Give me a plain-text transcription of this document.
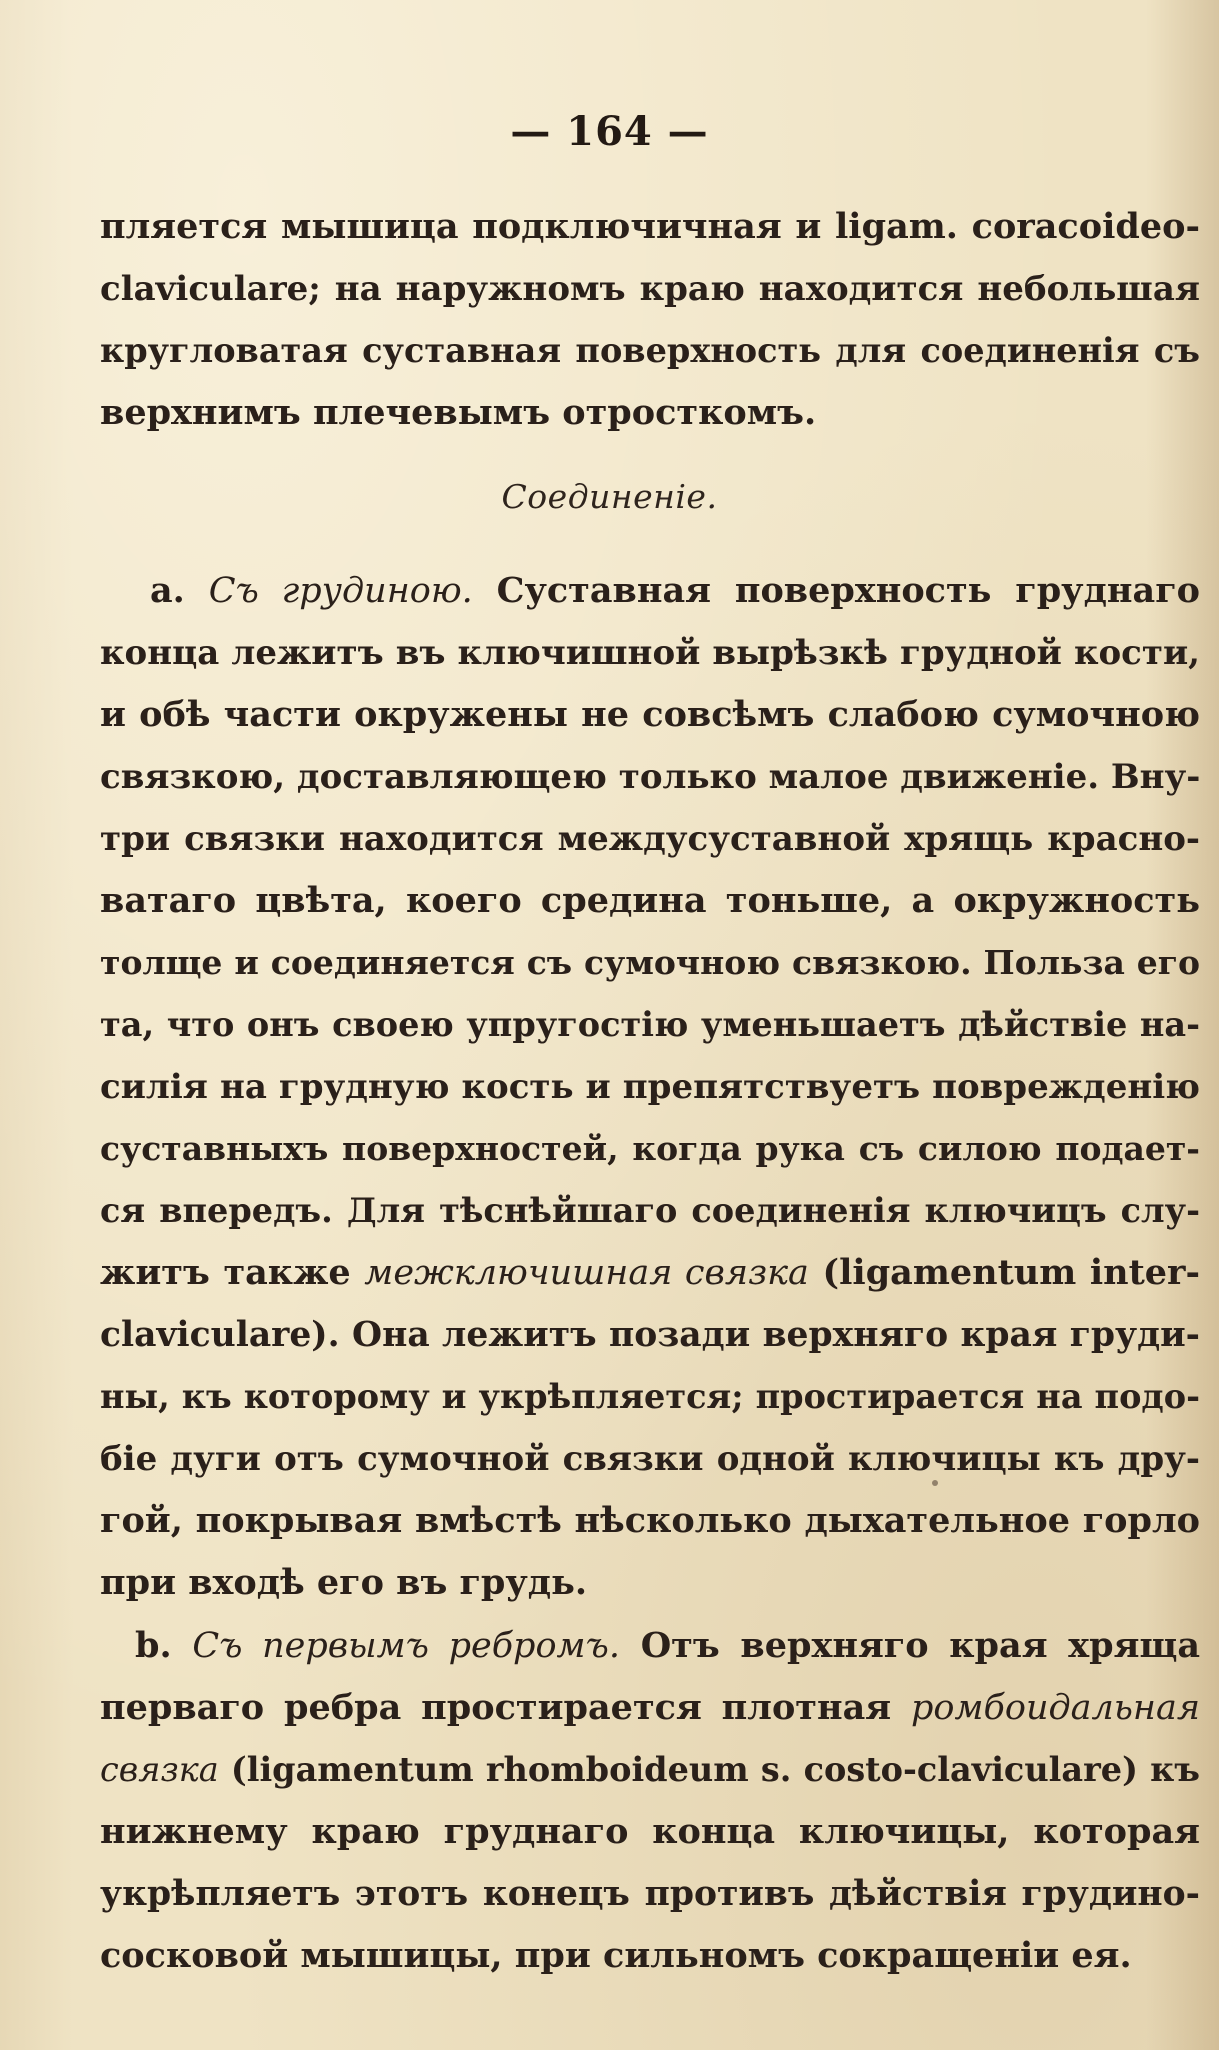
— 164 —
пляется мышица подключичная и ligam. coracoideo-
claviculare; на наружномъ краю находится небольшая
кругловатая суставная поверхность для соединенія съ
верхнимъ плечевымъ отросткомъ.
Соединеніе.
а. Съ грудиною. Суставная поверхность груднаго
конца лежитъ въ ключишной вырѣзкѣ грудной кости,
и обѣ части окружены не совсѣмъ слабою сумочною
связкою, доставляющею только малое движеніе. Вну-
три связки находится междусуставной хрящь красно-
ватаго цвѣта, коего средина тоньше, а окружность
толще и соединяется съ сумочною связкою. Польза его
та, что онъ своею упругостію уменьшаетъ дѣйствіе на-
силія на грудную кость и препятствуетъ поврежденію
суставныхъ поверхностей, когда рука съ силою подает-
ся впередъ. Для тѣснѣйшаго соединенія ключицъ слу-
житъ также межключишная связка (ligamentum inter-
claviculare). Она лежитъ позади верхняго края груди-
ны, къ которому и укрѣпляется; простирается на подо-
біе дуги отъ сумочной связки одной ключицы къ дру-
гой, покрывая вмѣстѣ нѣсколько дыхательное горло
при входѣ его въ грудь.
b. Съ первымъ ребромъ. Отъ верхняго края хряща
перваго ребра простирается плотная ромбоидальная
связка (ligamentum rhomboideum s. costo-claviculare) къ
нижнему краю груднаго конца ключицы, которая
укрѣпляетъ этотъ конецъ противъ дѣйствія грудино-
сосковой мышицы, при сильномъ сокращеніи ея.
